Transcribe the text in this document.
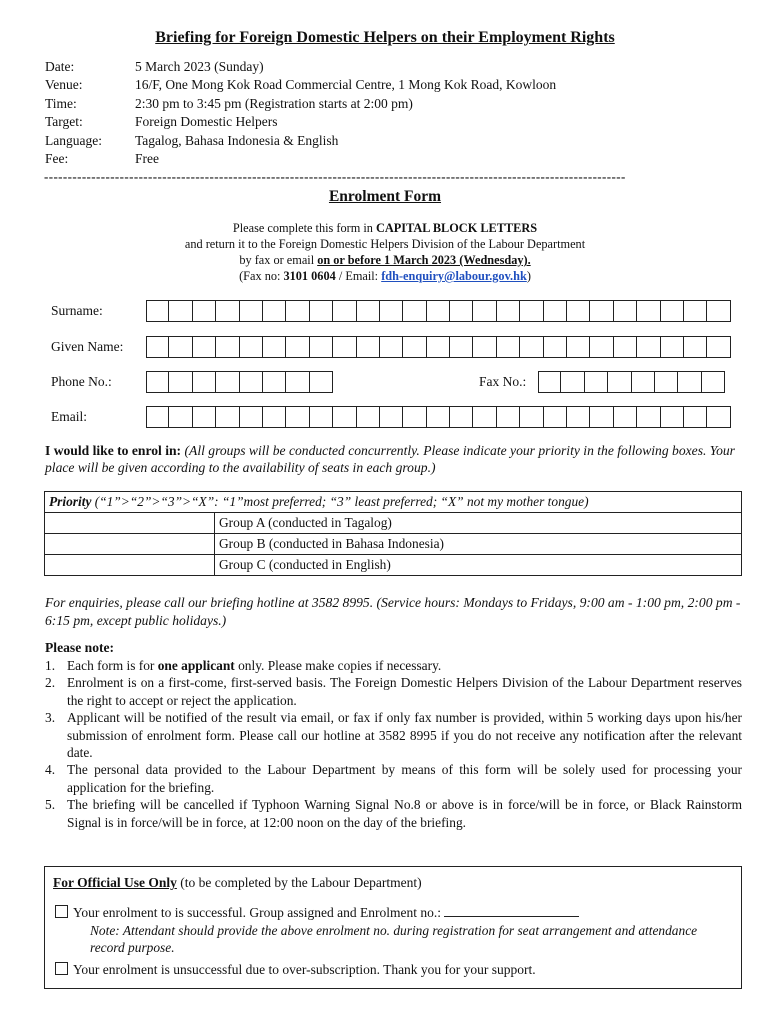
Briefing for Foreign Domestic Helpers on their Employment Rights
Date:	5 March 2023 (Sunday)
Venue:	16/F, One Mong Kok Road Commercial Centre, 1 Mong Kok Road, Kowloon
Time:	2:30 pm to 3:45 pm (Registration starts at 2:00 pm)
Target:	Foreign Domestic Helpers
Language:	Tagalog, Bahasa Indonesia & English
Fee:	Free
---------------------------------------------------------------------------------------------------------------------------
Enrolment Form
Please complete this form in CAPITAL BLOCK LETTERS
and return it to the Foreign Domestic Helpers Division of the Labour Department
by fax or email on or before 1 March 2023 (Wednesday).
(Fax no: 3101 0604 / Email: fdh-enquiry@labour.gov.hk)
Surname:
Given Name:
Phone No.:	Fax No.:
Email:
I would like to enrol in: (All groups will be conducted concurrently. Please indicate your priority in the following boxes. Your place will be given according to the availability of seats in each group.)
Priority (“1”>“2”>“3”>“X”: “1”most preferred; “3” least preferred; “X” not my mother tongue)	
	Group A (conducted in Tagalog)
	Group B (conducted in Bahasa Indonesia)
	Group C (conducted in English)
For enquiries, please call our briefing hotline at 3582 8995. (Service hours: Mondays to Fridays, 9:00 am - 1:00 pm, 2:00 pm - 6:15 pm, except public holidays.)
Please note:
1. Each form is for one applicant only. Please make copies if necessary.
2. Enrolment is on a first-come, first-served basis. The Foreign Domestic Helpers Division of the Labour Department reserves the right to accept or reject the application.
3. Applicant will be notified of the result via email, or fax if only fax number is provided, within 5 working days upon his/her submission of enrolment form. Please call our hotline at 3582 8995 if you do not receive any notification after the relevant date.
4. The personal data provided to the Labour Department by means of this form will be solely used for processing your application for the briefing.
5. The briefing will be cancelled if Typhoon Warning Signal No.8 or above is in force/will be in force, or Black Rainstorm Signal is in force/will be in force, at 12:00 noon on the day of the briefing.
For Official Use Only (to be completed by the Labour Department)
Your enrolment to is successful. Group assigned and Enrolment no.:
Note: Attendant should provide the above enrolment no. during registration for seat arrangement and attendance record purpose.
Your enrolment is unsuccessful due to over-subscription. Thank you for your support.
